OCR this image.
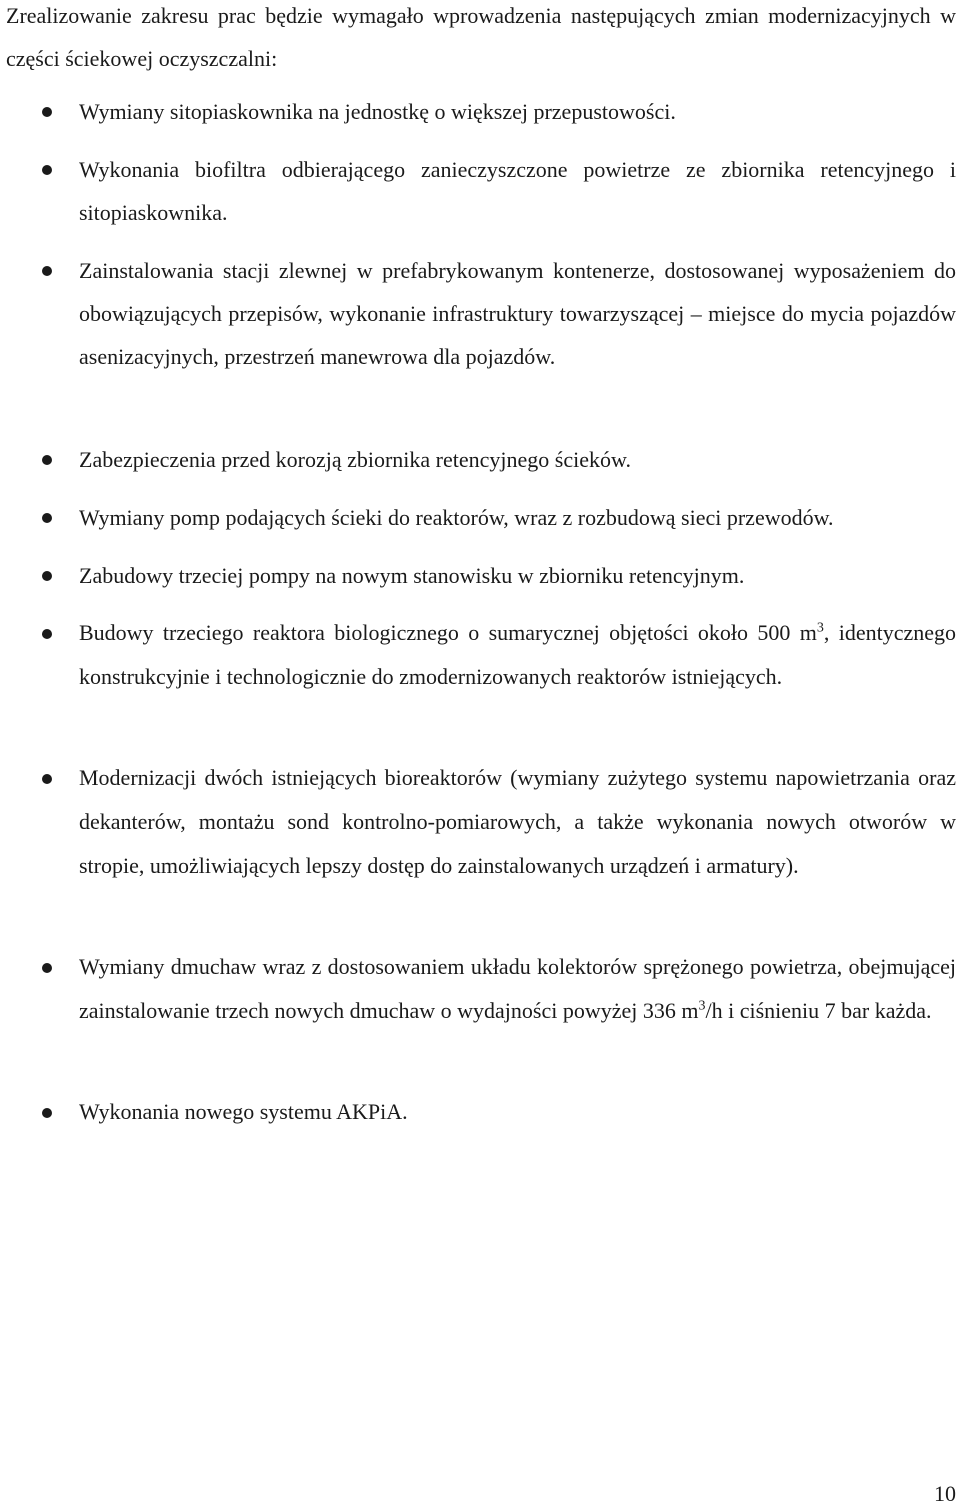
Zrealizowanie zakresu prac będzie wymagało wprowadzenia następujących zmian modernizacyjnych w części ściekowej oczyszczalni:

Wymiany sitopiaskownika na jednostkę o większej przepustowości.

Wykonania biofiltra odbierającego zanieczyszczone powietrze ze zbiornika retencyjnego i sitopiaskownika.

Zainstalowania stacji zlewnej w prefabrykowanym kontenerze, dostosowanej wyposażeniem do obowiązujących przepisów, wykonanie infrastruktury towarzyszącej – miejsce do mycia pojazdów asenizacyjnych, przestrzeń manewrowa dla pojazdów.

Zabezpieczenia przed korozją zbiornika retencyjnego ścieków.

Wymiany pomp podających ścieki do reaktorów, wraz z rozbudową sieci przewodów.

Zabudowy trzeciej pompy na nowym stanowisku w zbiorniku retencyjnym.

Budowy trzeciego reaktora biologicznego o sumarycznej objętości około 500 $m^3$, identycznego konstrukcyjnie i technologicznie do zmodernizowanych reaktorów istniejących.

Modernizacji dwóch istniejących bioreaktorów (wymiany zużytego systemu napowietrzania oraz dekanterów, montażu sond kontrolno-pomiarowych, a także wykonania nowych otworów w stropie, umożliwiających lepszy dostęp do zainstalowanych urządzeń i armatury).

Wymiany dmuchaw wraz z dostosowaniem układu kolektorów sprężonego powietrza, obejmującej zainstalowanie trzech nowych dmuchaw o wydajności powyżej 336 $m^3/h$ i ciśnieniu 7 bar każda.

Wykonania nowego systemu AKPiA.

10
